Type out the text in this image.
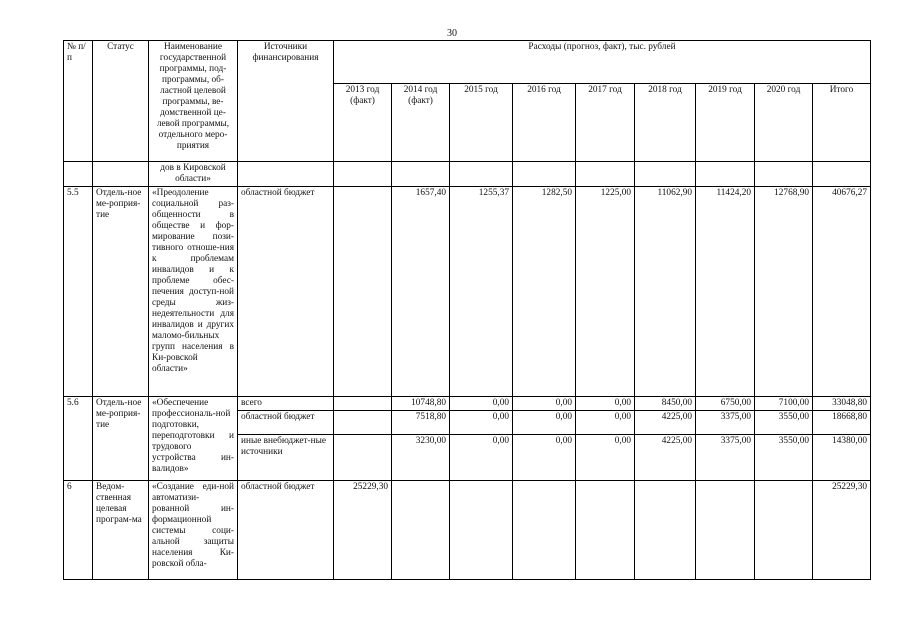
30
№ п/п	Статус	Наименование государственной программы, под-программы, об-ластной целевой программы, ве-домственной це-левой программы, отдельного меро-приятия	Источники финансирования	Расходы (прогноз, факт), тыс. рублей								
				2013 год (факт)	2014 год (факт)	2015 год	2016 год	2017 год	2018 год	2019 год	2020 год	Итого
		дов в Кировской области»										
5.5	Отдель-ное ме-роприя-тие	«Преодоление социальной раз-общенности в обществе и фор-мирование пози-тивного отноше-ния к проблемам инвалидов и к проблеме обес-печения доступ-ной среды жиз-недеятельности для инвалидов и других маломо-бильных групп населения в Ки-ровской области»	областной бюджет		1657,40	1255,37	1282,50	1225,00	11062,90	11424,20	12768,90	40676,27
5.6	Отдель-ное ме-роприя-тие	«Обеспечение профессиональ-ной подготовки, переподготовки и трудового устройства ин-валидов»	всего		10748,80	0,00	0,00	0,00	8450,00	6750,00	7100,00	33048,80
			областной бюджет		7518,80	0,00	0,00	0,00	4225,00	3375,00	3550,00	18668,80
			иные внебюджет-ные источники		3230,00	0,00	0,00	0,00	4225,00	3375,00	3550,00	14380,00
6	Ведом-ственная целевая програм-ма	«Создание еди-ной автоматизи-рованной ин-формационной системы соци-альной защиты населения Ки-ровской обла-	областной бюджет	25229,30								25229,30
